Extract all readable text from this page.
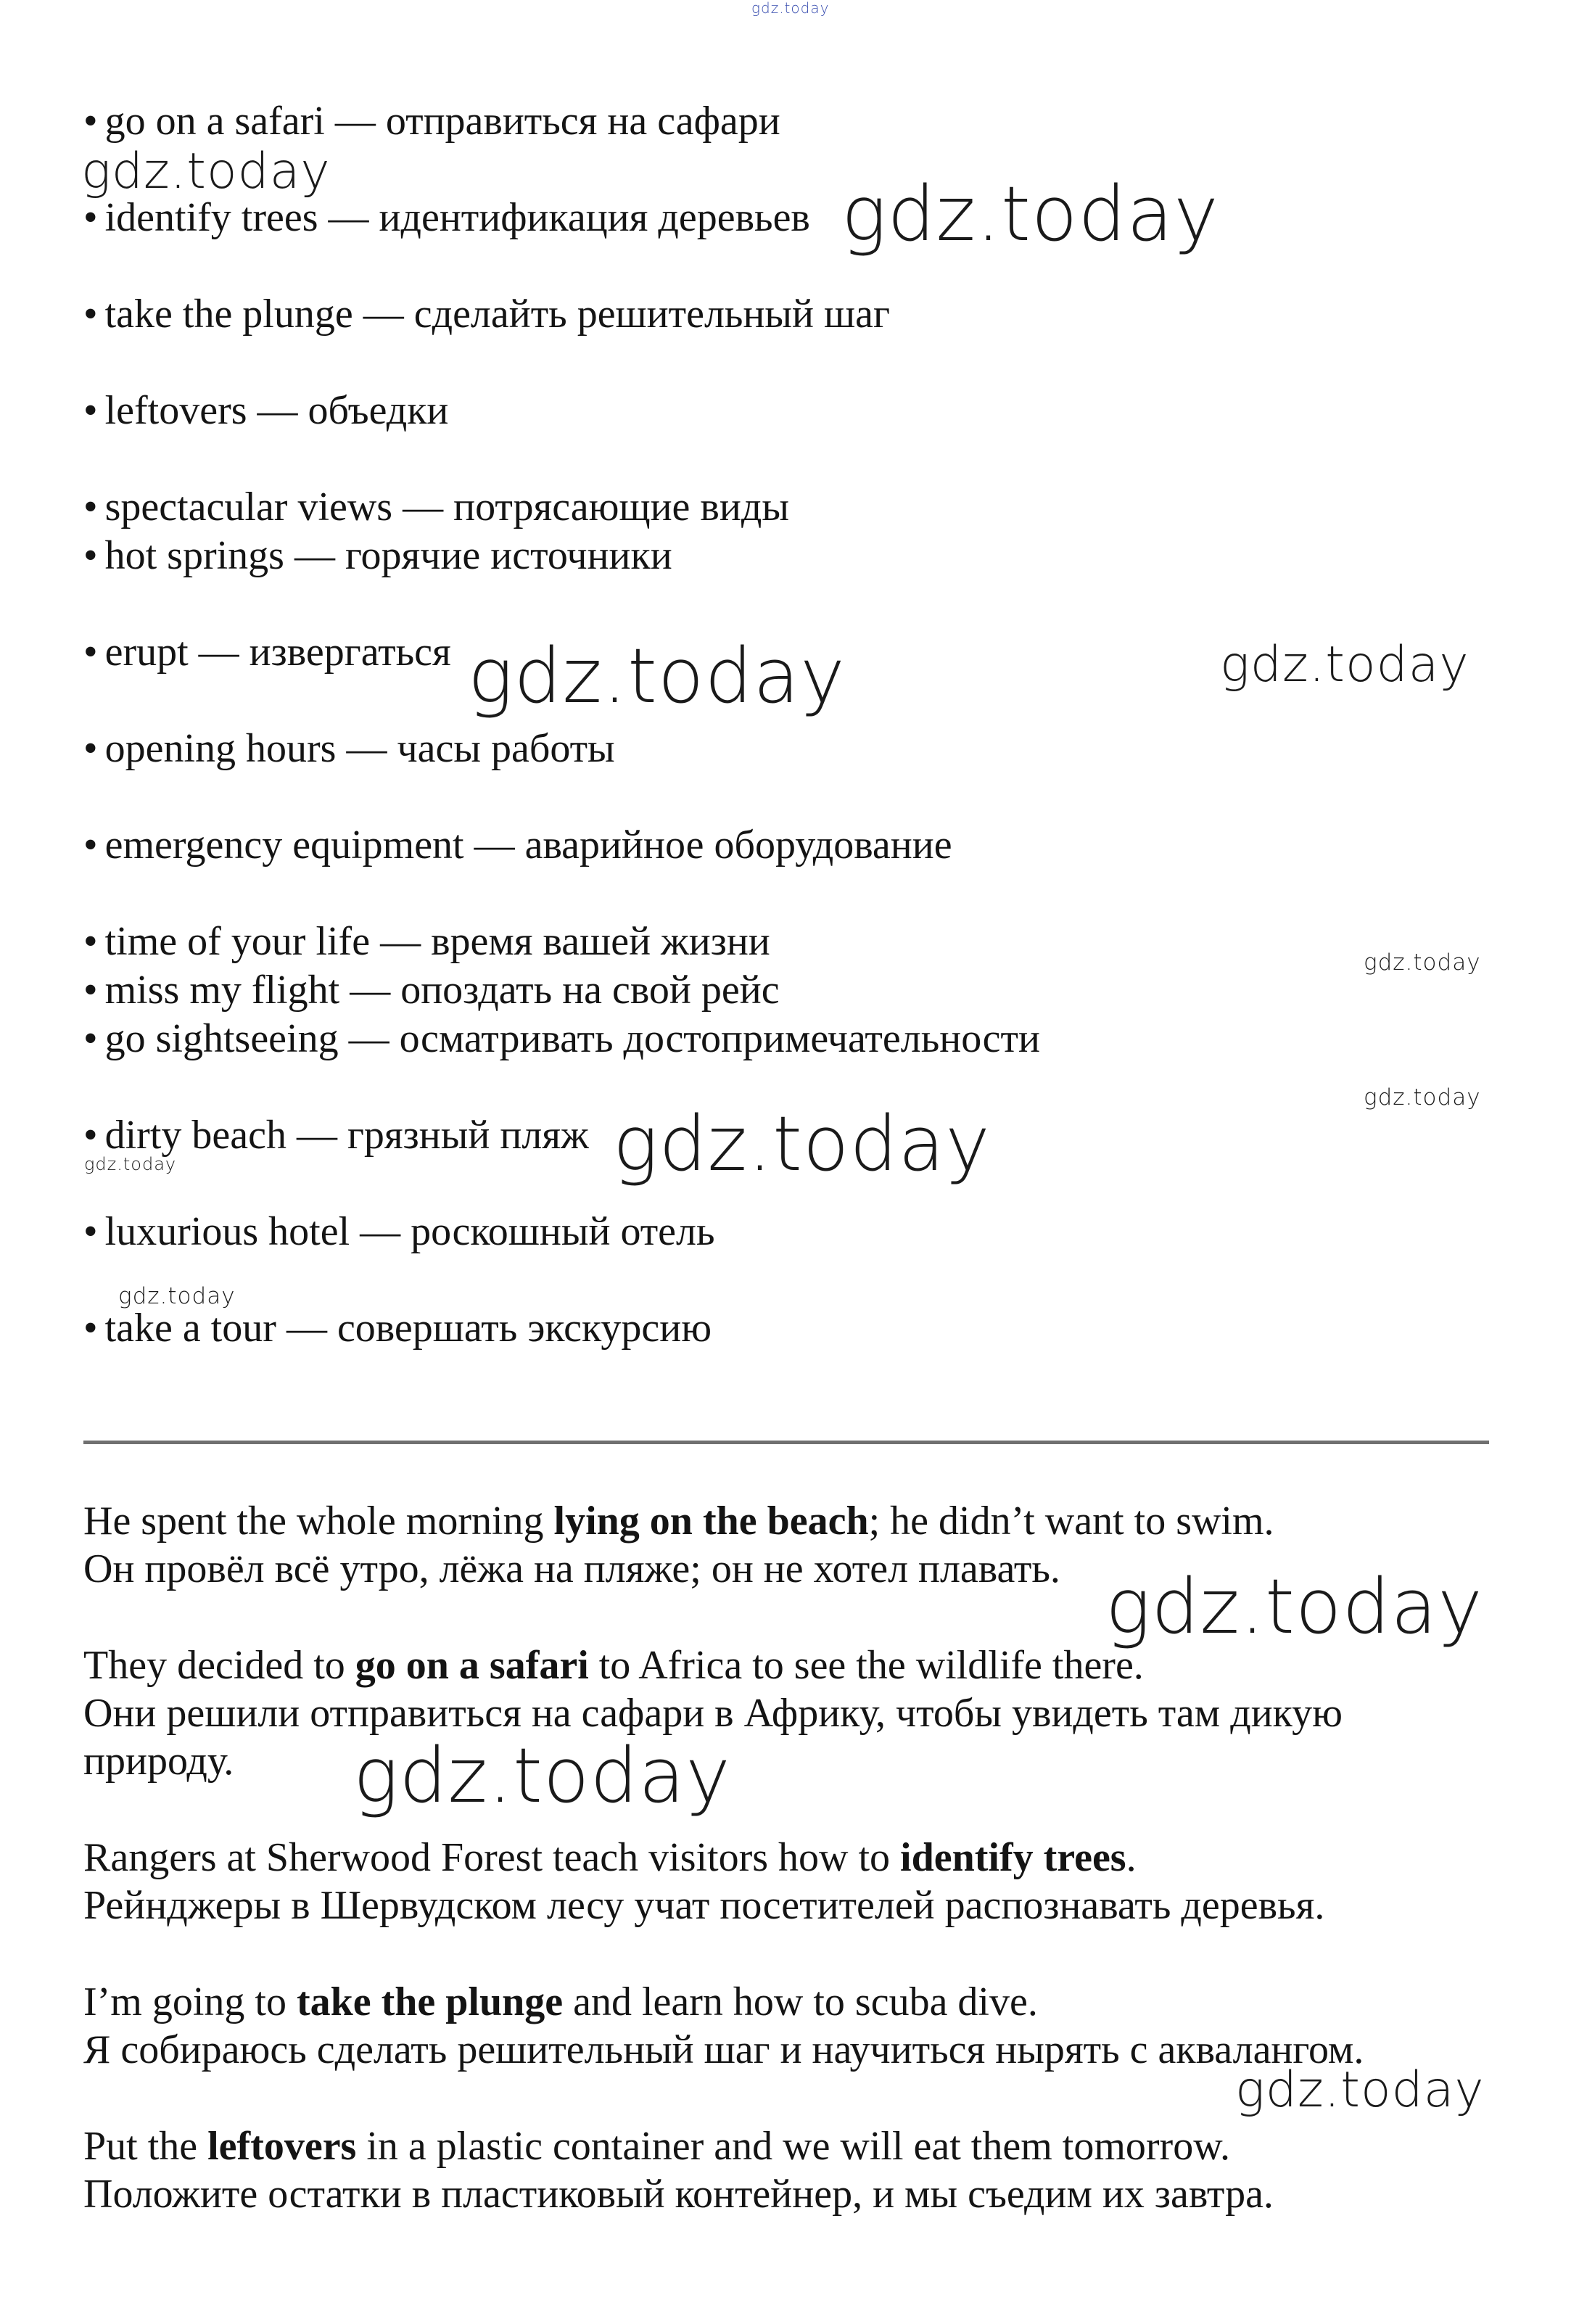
gdz.today
gdz.today	gdz.today
gdz.today	gdz.today
gdz.today
gdz.today
gdz.today
gdz.today
gdz.today
gdz.today
gdz.today
gdz.today
• go on a safari — отправиться на сафари
• identify trees — идентификация деревьев
• take the plunge — сделайть решительный шаг
• leftovers — объедки
• spectacular views — потрясающие виды
• hot springs — горячие источники
• erupt — извергаться
• opening hours — часы работы
• emergency equipment — аварийное оборудование
• time of your life — время вашей жизни
• miss my flight — опоздать на свой рейс
• go sightseeing — осматривать достопримечательности
• dirty beach — грязный пляж
• luxurious hotel — роскошный отель
• take a tour — совершать экскурсию
He spent the whole morning lying on the beach; he didn’t want to swim.
Он провёл всё утро, лёжа на пляже; он не хотел плавать.
They decided to go on a safari to Africa to see the wildlife there.
Они решили отправиться на сафари в Африку, чтобы увидеть там дикую
природу.
Rangers at Sherwood Forest teach visitors how to identify trees.
Рейнджеры в Шервудском лесу учат посетителей распознавать деревья.
I’m going to take the plunge and learn how to scuba dive.
Я собираюсь сделать решительный шаг и научиться нырять с аквалангом.
Put the leftovers in a plastic container and we will eat them tomorrow.
Положите остатки в пластиковый контейнер, и мы съедим их завтра.
